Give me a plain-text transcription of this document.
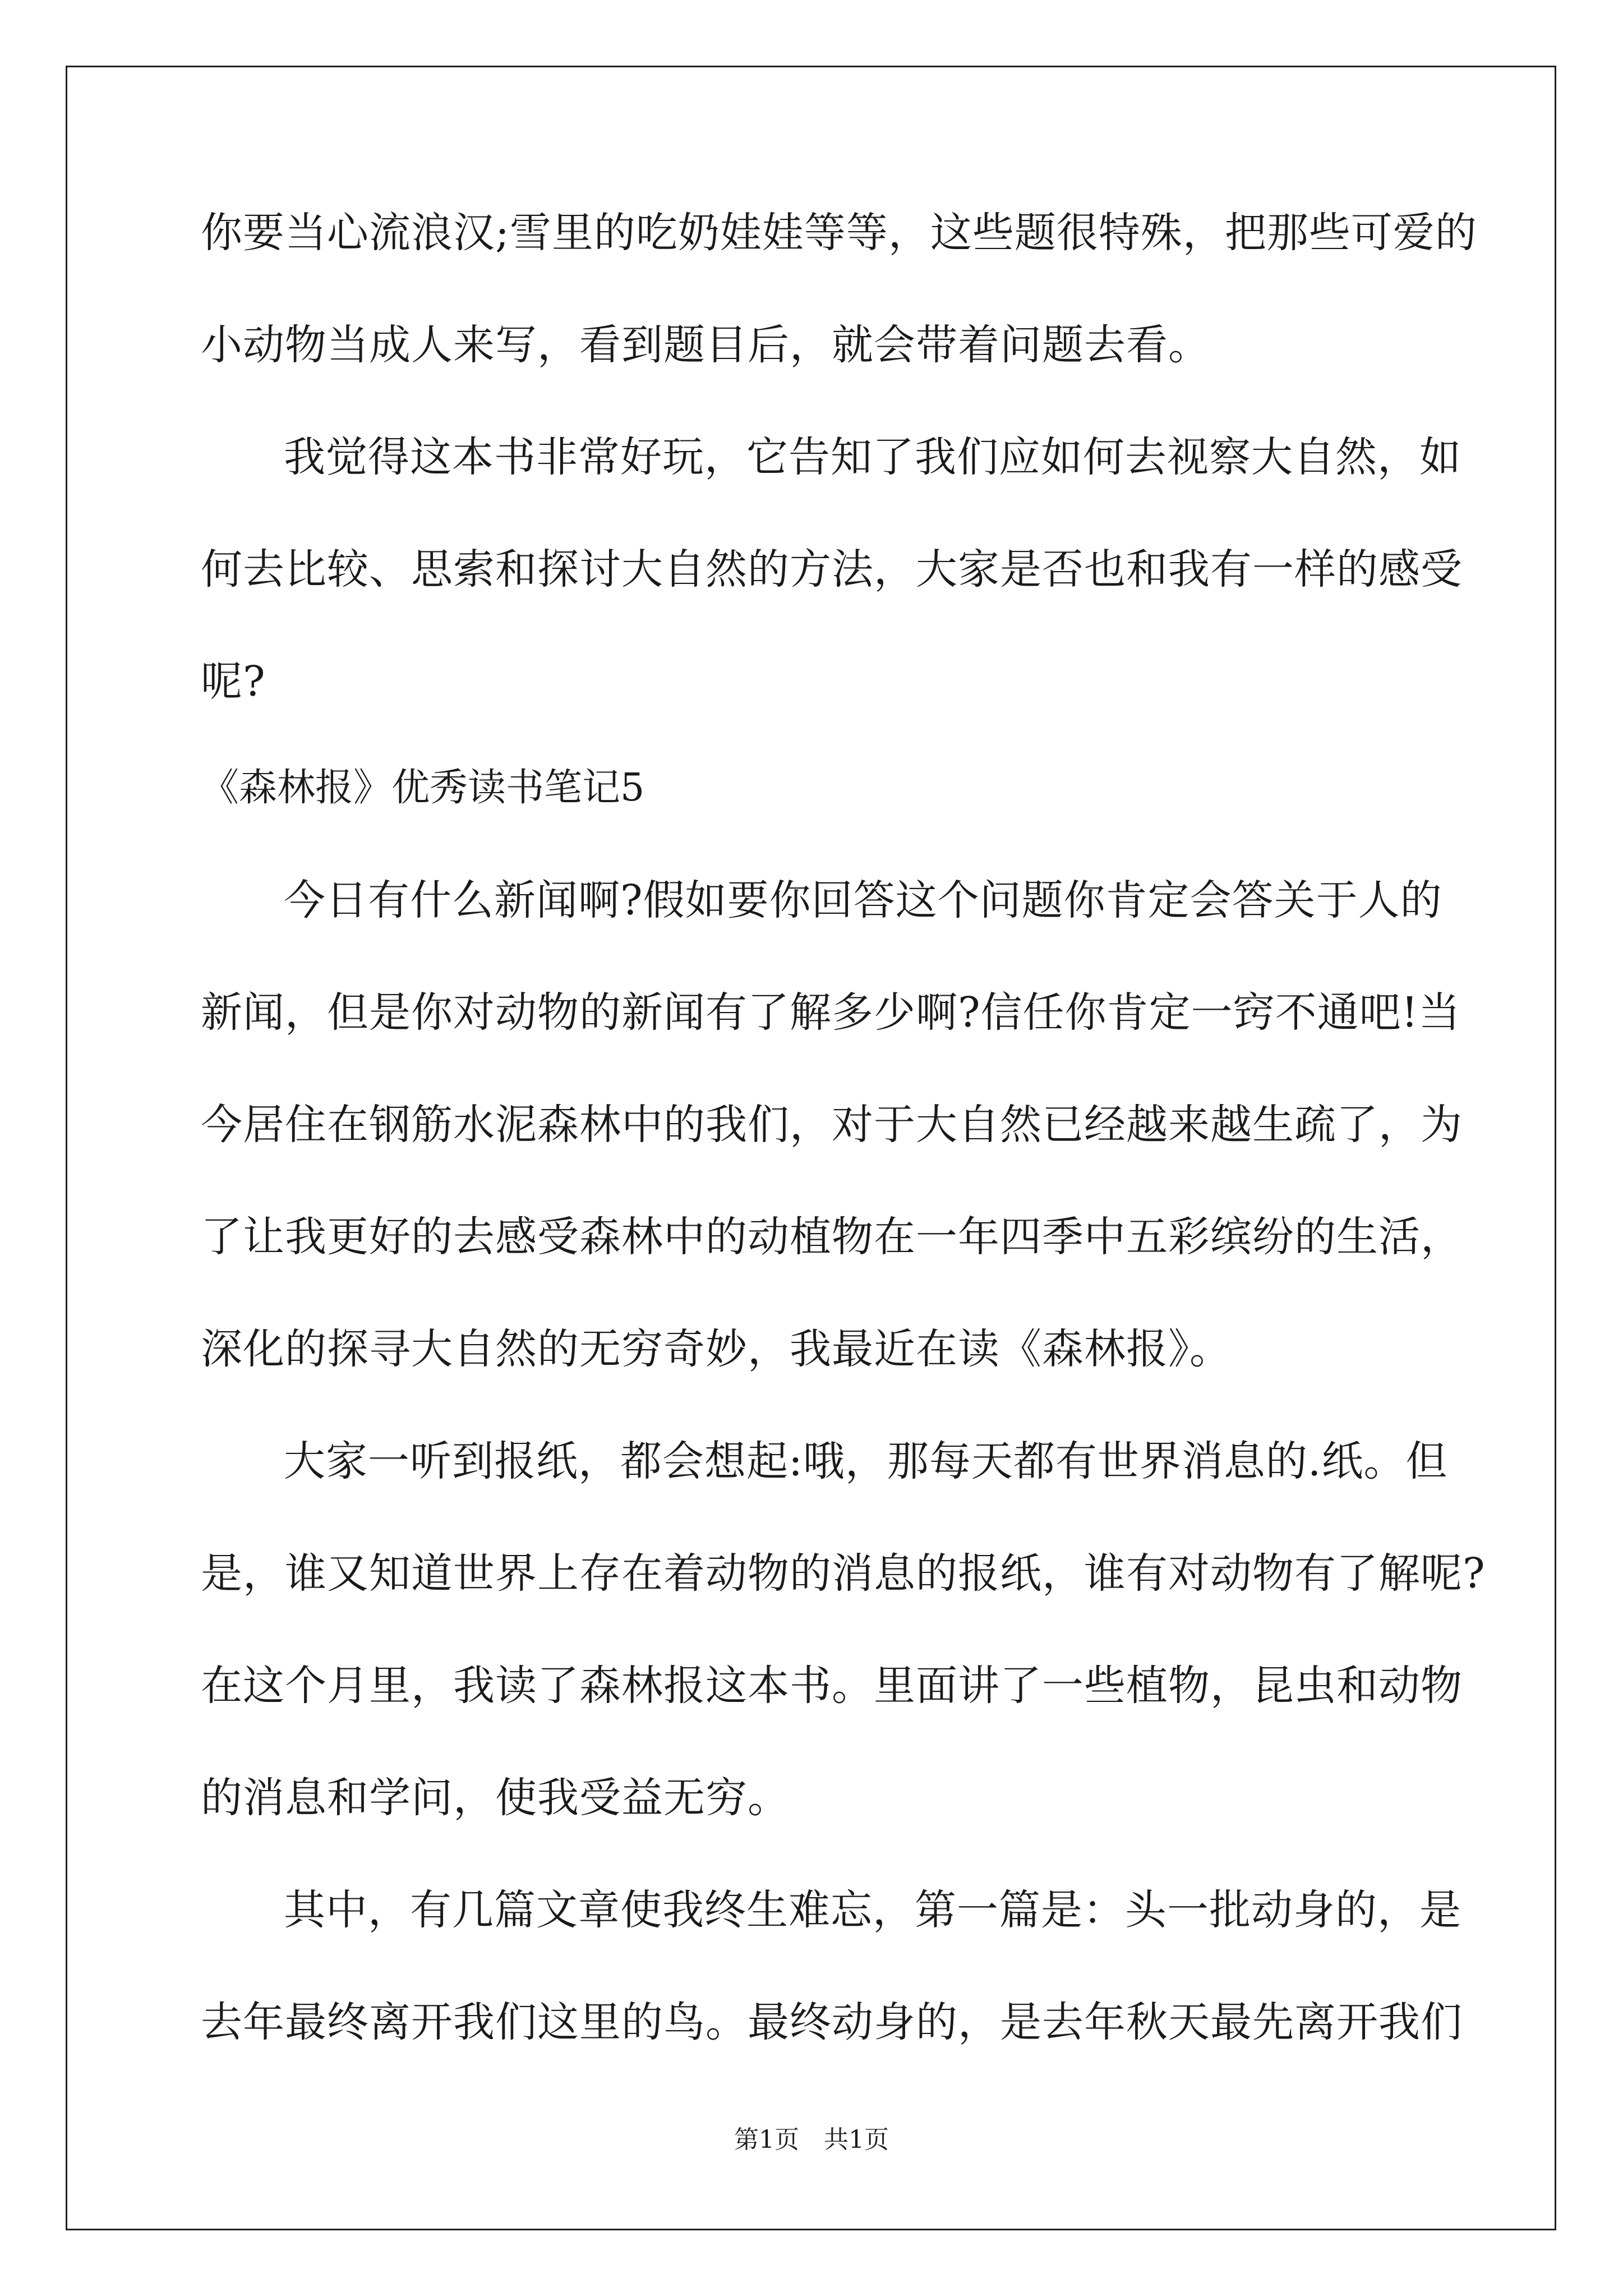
你要当心流浪汉;雪里的吃奶娃娃等等，这些题很特殊，把那些可爱的
小动物当成人来写，看到题目后，就会带着问题去看。
我觉得这本书非常好玩，它告知了我们应如何去视察大自然，如
何去比较、思索和探讨大自然的方法，大家是否也和我有一样的感受
呢?
《森林报》优秀读书笔记5
今日有什么新闻啊?假如要你回答这个问题你肯定会答关于人的
新闻，但是你对动物的新闻有了解多少啊?信任你肯定一窍不通吧!当
今居住在钢筋水泥森林中的我们，对于大自然已经越来越生疏了，为
了让我更好的去感受森林中的动植物在一年四季中五彩缤纷的生活，
深化的探寻大自然的无穷奇妙，我最近在读《森林报》。
大家一听到报纸，都会想起:哦，那每天都有世界消息的.纸。但
是，谁又知道世界上存在着动物的消息的报纸，谁有对动物有了解呢?
在这个月里，我读了森林报这本书。里面讲了一些植物，昆虫和动物
的消息和学问，使我受益无穷。
其中，有几篇文章使我终生难忘，第一篇是：头一批动身的，是
去年最终离开我们这里的鸟。最终动身的，是去年秋天最先离开我们
第1页　共1页
